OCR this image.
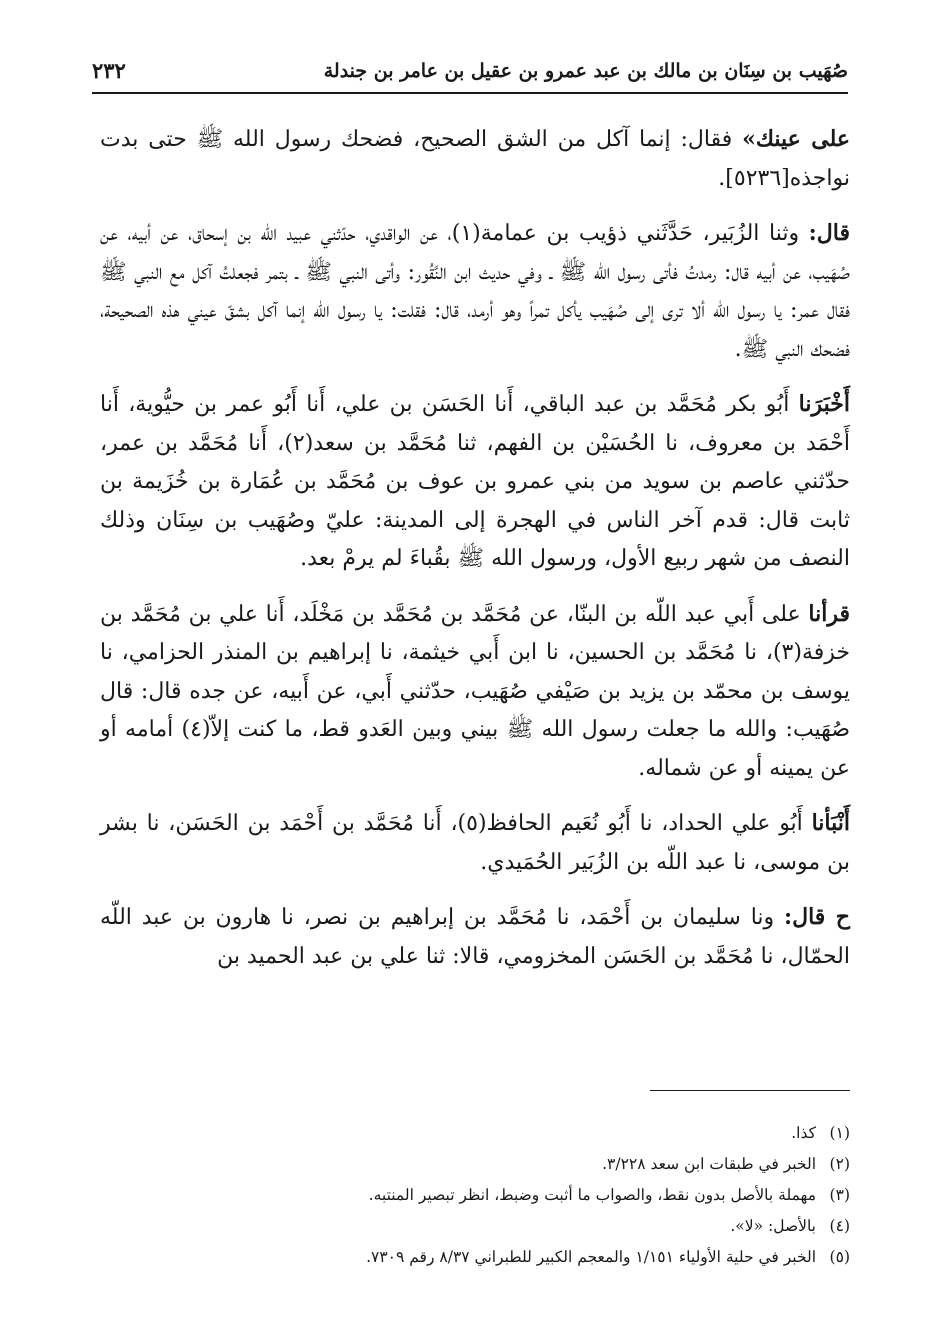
صُهَيب بن سِنَان بن مالك بن عبد عمرو بن عقيل بن عامر بن جندلة
٢٣٢

على عينك» فقال: إنما آكل من الشق الصحيح، فضحك رسول الله ﷺ حتى بدت نواجذه[٥٢٣٦].

قال: وثنا الزُبَير، حَدَّثَني ذؤيب بن عمامة(١)، عن الواقدي، حدّثني عبيد الله بن إسحاق، عن أبيه، عن صُهَيب، عن أبيه قال: رمدتُ فأتى رسول الله ﷺ ـ وفي حديث ابن النَّقُور: وأتى النبي ﷺ ـ بتمر فجعلتُ آكل مع النبي ﷺ فقال عمر: يا رسول الله ألا ترى إلى صُهَيب يأكل تمراً وهو أرمد، قال: فقلت: يا رسول الله إنما آكل بشقّ عيني هذه الصحيحة، فضحك النبي ﷺ.

أَخْبَرَنا أَبُو بكر مُحَمَّد بن عبد الباقي، أَنا الحَسَن بن علي، أَنا أَبُو عمر بن حيُّوية، أَنا أَحْمَد بن معروف، نا الحُسَيْن بن الفهم، ثنا مُحَمَّد بن سعد(٢)، أَنا مُحَمَّد بن عمر، حدّثني عاصم بن سويد من بني عمرو بن عوف بن مُحَمَّد بن عُمَارة بن خُزَيمة بن ثابت قال: قدم آخر الناس في الهجرة إلى المدينة: عليّ وصُهَيب بن سِنَان وذلك النصف من شهر ربيع الأول، ورسول الله ﷺ بقُباءَ لم يرمْ بعد.

قرأنا على أَبي عبد اللّه بن البنّا، عن مُحَمَّد بن مُحَمَّد بن مَخْلَد، أَنا علي بن مُحَمَّد بن خزفة(٣)، نا مُحَمَّد بن الحسين، نا ابن أَبي خيثمة، نا إبراهيم بن المنذر الحزامي، نا يوسف بن محمّد بن يزيد بن صَيْفي صُهَيب، حدّثني أَبي، عن أَبيه، عن جده قال: قال صُهَيب: والله ما جعلت رسول الله ﷺ بيني وبين العَدو قط، ما كنت إلاّ(٤) أمامه أو عن يمينه أو عن شماله.

أَنْبَأنا أَبُو علي الحداد، نا أَبُو نُعَيم الحافظ(٥)، أَنا مُحَمَّد بن أَحْمَد بن الحَسَن، نا بشر بن موسى، نا عبد اللّه بن الزُبَير الحُمَيدي.

ح قال: ونا سليمان بن أَحْمَد، نا مُحَمَّد بن إبراهيم بن نصر، نا هارون بن عبد اللّه الحمّال، نا مُحَمَّد بن الحَسَن المخزومي، قالا: ثنا علي بن عبد الحميد بن

(١)كذا.
(٢)الخبر في طبقات ابن سعد ٣/٢٢٨.
(٣)مهملة بالأصل بدون نقط، والصواب ما أثبت وضبط، انظر تبصير المنتبه.
(٤)بالأصل: «لا».
(٥)الخبر في حلية الأولياء ١/١٥١ والمعجم الكبير للطبراني ٨/٣٧ رقم ٧٣٠٩.
